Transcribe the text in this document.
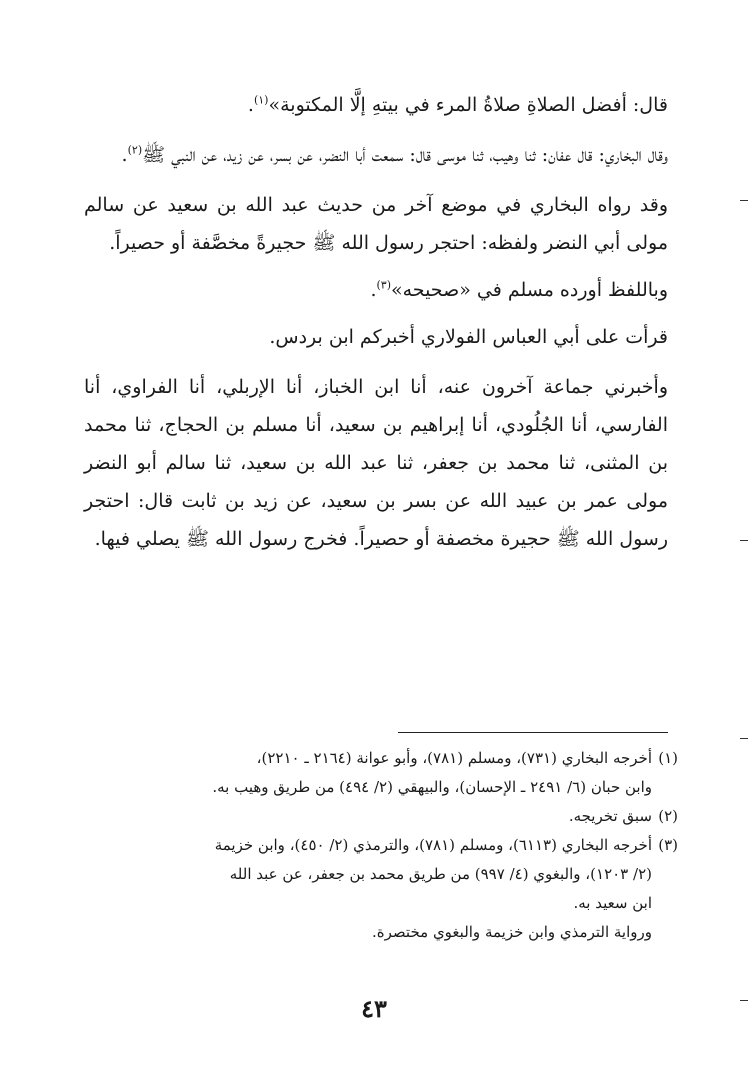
قال: أفضل الصلاةِ صلاةُ المرء في بيتهِ إلَّا المكتوبة»$^{(١)}$.

وقال البخاري: قال عفان: ثنا وهيب، ثنا موسى قال: سمعت أبا النضر، عن بسر، عن زيد، عن النبي ﷺ$^{(٢)}$.

وقد رواه البخاري في موضع آخر من حديث عبد الله بن سعيد عن سالم مولى أبي النضر ولفظه: احتجر رسول الله ﷺ حجيرةً مخصَّفة أو حصيراً.

وباللفظ أورده مسلم في «صحيحه»$^{(٣)}$.

قرأت على أبي العباس الفولاري أخبركم ابن بردس.

وأخبرني جماعة آخرون عنه، أنا ابن الخباز، أنا الإربلي، أنا الفراوي، أنا الفارسي، أنا الجُلُودي، أنا إبراهيم بن سعيد، أنا مسلم بن الحجاج، ثنا محمد بن المثنى، ثنا محمد بن جعفر، ثنا عبد الله بن سعيد، ثنا سالم أبو النضر مولى عمر بن عبيد الله عن بسر بن سعيد، عن زيد بن ثابت قال: احتجر رسول الله ﷺ حجيرة مخصفة أو حصيراً. فخرج رسول الله ﷺ يصلي فيها.

(١)أخرجه البخاري (٧٣١)، ومسلم (٧٨١)، وأبو عوانة (٢١٦٤ ـ ٢٢١٠)،

وابن حبان (٦/ ٢٤٩١ ـ الإحسان)، والبيهقي (٢/ ٤٩٤) من طريق وهيب به.

(٢)سبق تخريجه.

(٣)أخرجه البخاري (٦١١٣)، ومسلم (٧٨١)، والترمذي (٢/ ٤٥٠)، وابن خزيمة

(٢/ ١٢٠٣)، والبغوي (٤/ ٩٩٧) من طريق محمد بن جعفر، عن عبد الله

ابن سعيد به.

ورواية الترمذي وابن خزيمة والبغوي مختصرة.

٤٣
